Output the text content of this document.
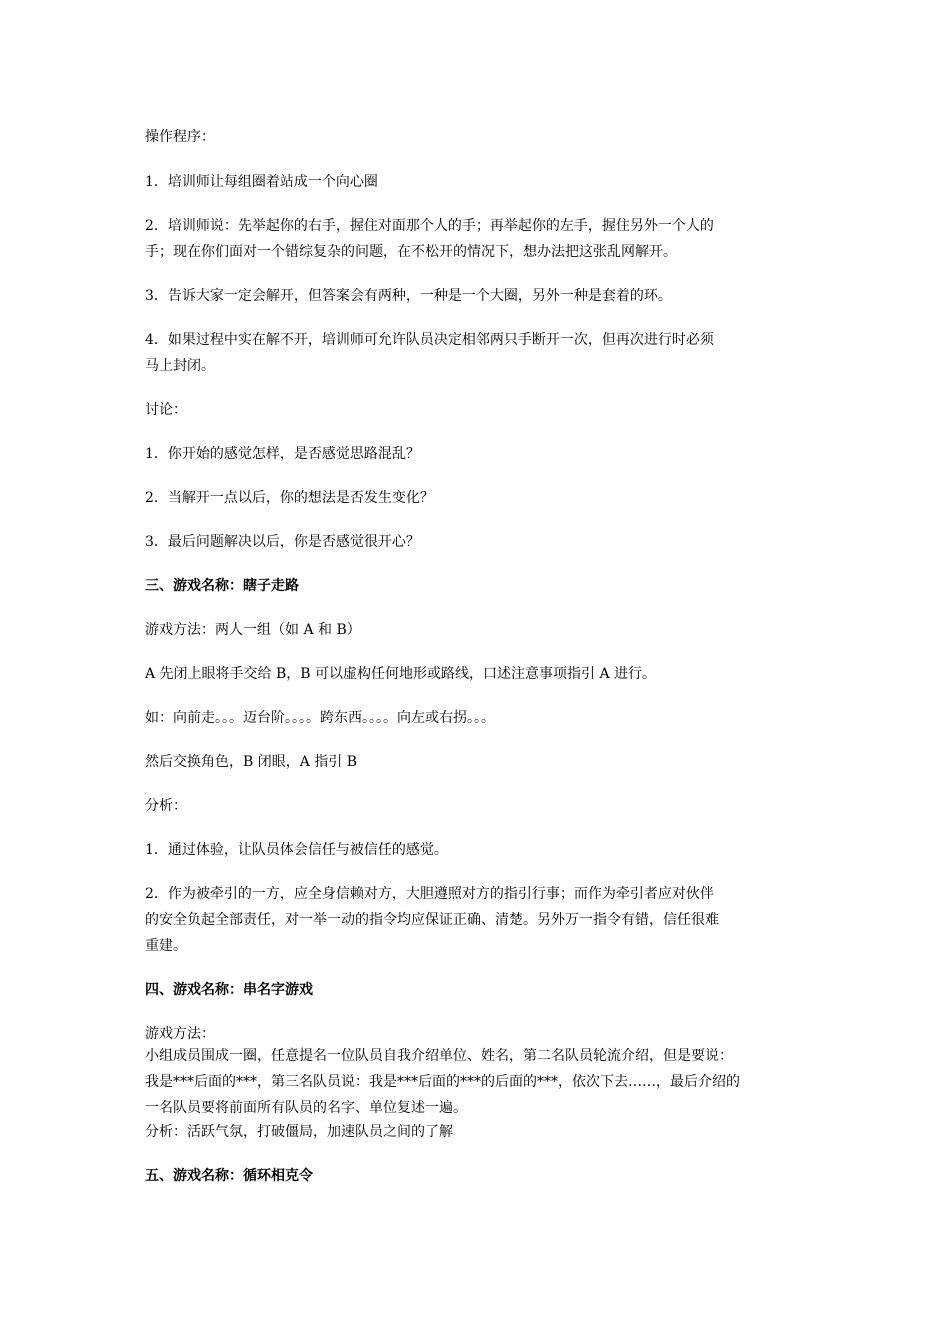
操作程序：
1．培训师让每组圈着站成一个向心圈
2．培训师说：先举起你的右手，握住对面那个人的手；再举起你的左手，握住另外一个人的
手；现在你们面对一个错综复杂的问题，在不松开的情况下，想办法把这张乱网解开。
3．告诉大家一定会解开，但答案会有两种，一种是一个大圈，另外一种是套着的环。
4．如果过程中实在解不开，培训师可允许队员决定相邻两只手断开一次，但再次进行时必须
马上封闭。
讨论：
1．你开始的感觉怎样，是否感觉思路混乱？
2．当解开一点以后，你的想法是否发生变化？
3．最后问题解决以后，你是否感觉很开心？
三、游戏名称：瞎子走路
游戏方法：两人一组（如 A 和 B）
A 先闭上眼将手交给 B，B 可以虚构任何地形或路线，口述注意事项指引 A 进行。
如：向前走。。。迈台阶。。。。跨东西。。。。向左或右拐。。。
然后交换角色，B 闭眼，A 指引 B
分析：
1．通过体验，让队员体会信任与被信任的感觉。
2．作为被牵引的一方，应全身信赖对方，大胆遵照对方的指引行事；而作为牵引者应对伙伴
的安全负起全部责任，对一举一动的指令均应保证正确、清楚。另外万一指令有错，信任很难
重建。
四、游戏名称：串名字游戏
游戏方法：
小组成员围成一圈，任意提名一位队员自我介绍单位、姓名，第二名队员轮流介绍，但是要说：
我是***后面的***，第三名队员说：我是***后面的***的后面的***，依次下去……，最后介绍的
一名队员要将前面所有队员的名字、单位复述一遍。
分析：活跃气氛，打破僵局，加速队员之间的了解
五、游戏名称：循环相克令
